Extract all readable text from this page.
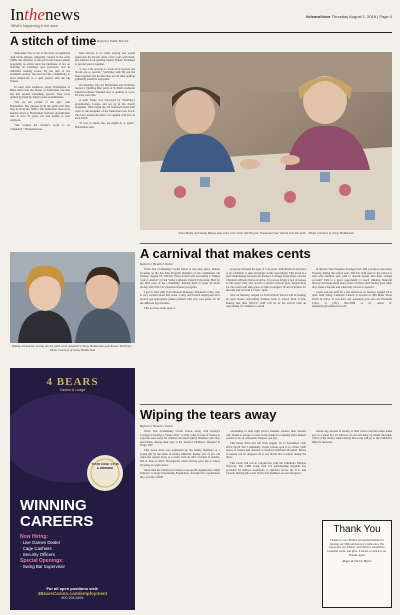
Inthenews
What's happening in the area
VolvaraVoice Thursday August 1, 2019 | Page 4
A stitch of time Reporter Eddie Burrell

Sunbonnet Sue is one of the most recognizable quilt block images. Allegedly created in the early 1800s, the character of the girl in the bonnet gained popularity as artists used the likeliness of her on clothing, in paintings and postcards, and in children's reading books. By the turn of the twentieth century, Sue had become a familiarity to most Americans as a quilt pattern with the big bonnet.

To keep with traditions, Jenny Holderman of Butte knew that the blocks of Sunbonnet Sue that she had needed something special. They were quilted by hand by Jenny's great-grandmother.

"We are not certain of the age," said Holderman. She guesses from the prints that they may be from the 1930's. The Sunbonnet Sues were handed down to Holderman from her grandmother who is now 91 years old and unable to sew anymore.

"She wanted her mother's work to be completed," Holderman has

been known to do some sewing and would appreciate the blocks. After a few years with them, she enlisted local quilting fanatic Tanner Verbrisky to put the pieces together.

"I was a bit nervous to work on it because the blocks are so special," Verbrisky said. He put the Sues together and decided that an old time quilting gathering would be enjoyable.

On Saturday, July 20, Holderman and Verbrisky hosted a 'Quilting Bee' party at St Paul's Lutheran Church in Butte. Whether new to quilting or a pro, all were welcome.

A quilt frame was borrowed by Verbrisky's grandmother, Louise, and set up in the church basement. Then began the old fashioned hand quilt work to the keepsake of the Sunbonnet Sue block. The Sues waited the quilt to be quilted with love in each stitch.

"It was so much fun, we might do it again," Holderman said.

Janet Mantz and Sandy Blaney take extra care while stitching the 'Sunbonnet Sue' blocks onto the quilt. - Photo Courtesy of Jenny Holderman
Taking a break for sewing are the quilt event organizers Jenny Holderman and Tanner Verbrisky - Photo Courtesy of Jenny Holderman
A carnival that makes cents
Reporter Heather Tudor

North Star Community Credit Union is one busy place, mainly focusing on the Pee Wee Program members of the community. On Sunday, August 18, NSCCU Volva branch will be hosting a "Makes Cents Carnival" at Oak Valley Lutheran Church Fellowship Hall for the little ones of the community; helping them to learn all about money with NSCCU's financial literacy program.

I got to visit with Volva Branch Manager, Elizabeth Colby, who is very excited about this event. Colby and branch employees have several age appropriate games planned with very cool prizes for all the different age brackets.

This is a free event open to

everyone between the ages of 3-12 years. Individuals do not have to be a member to take advantage of this opportunity. This event is a joint undertaking between the Kelsey's Courage Team Drive and the Children's Miracle Network drive. If a person brings a box of tissues to this event, they will receive a special carnival perk. Registration for this event will take place at 2pm on August 18 and activities for the kids will be from 2:15pm - 4pm.

Also on Monday, August 19 Volva Public School will be hosting an open house, welcoming children back to school from 5-7pm. During this time NSCCU staff will be at the school with an opportunity for children to enroll

in the Pee Wee Penguins Savings Club. Did you know that every Tuesday during the school year, NSCCU staff goes to the school to visit with children who wish to deposit money into their savings account? This is a great opportunity to teach children financial literacy and make them more aware of where their money goes when they make a deposit and when they choose to spend it.

Come join the staff for a fun afternoon on Sunday, August 18 at 2pm. Oak Valley Lutheran Church is located at 400 Main Street North in Volva. If you have any questions you can call Elizabeth Colby at (701) 022-4398 or by email at: elizabethc@northstarccu.com

4 BEARS
Casino & Lodge
YOUR CASE 4 FUN & WINNING
WINNING
CAREERS
Now Hiring:
· Live Games Dealer
· Cage Cashiers
· Security Officers
Special Openings:
· Swing Bar Supervisor
For all open positions visit:
4BearsCasino.com/employment
800.294.5454
Wiping the tears away
Reporter Heather Tudor

North Star Community Credit Union along with Kelsey's Courage is hosting a "tissue drive" to help collect boxes of tissues to wipe the tears away for children and their family members who may need them, during their stay at the Sanford Children's Hospital in Fargo, ND.

This tissue drive was originated by the family members of a young girl by the name of Kelsey Mitzdoh. Kelsey was 15 yrs. old when she passed away as a result from an ATV accident in Adams, ND in June of 2012. Through her death, Kelsey gave life to others by being an organ donor.

Since then her family has formed a non-profit organization called Kelsey's Courage Scholarship Foundation, through this organization they provide a $500

scholarship to help high school students achieve their dreams who intend to pursue a career in the medical or nursing field. Kelsey wanted to be an orthopedic surgeon one day.

This tissue drive will run from August 1st to September 11th, 2019. North Star Community Credit Unions goal is to collect 1500 boxes of tissues and donated to Sanford Children's Hospital. Boxes of tissues can be dropped off at any North Star location during the drive.

This event will run in conjunction with the Children's Miracle Network. The CMN along with 170 participating hospitals has provided 32 million treatments to children across the U.S. and Canada. During this event North Star members are encouraged to

donate any amount of money of their choice and have their name put on a paper hot air balloon cut-out and hung up inside the bank. 100% of the money raised during this event will go to the Children's Miracle Network.

Thank You
Thanks to our children and grandchildren for hosting our 50th anniversary celebration. We appreciate our friends' and family's attendance, beautiful cards, and gifts. It meant so much to us. Thanks again.
Roger & Sherry Myers
